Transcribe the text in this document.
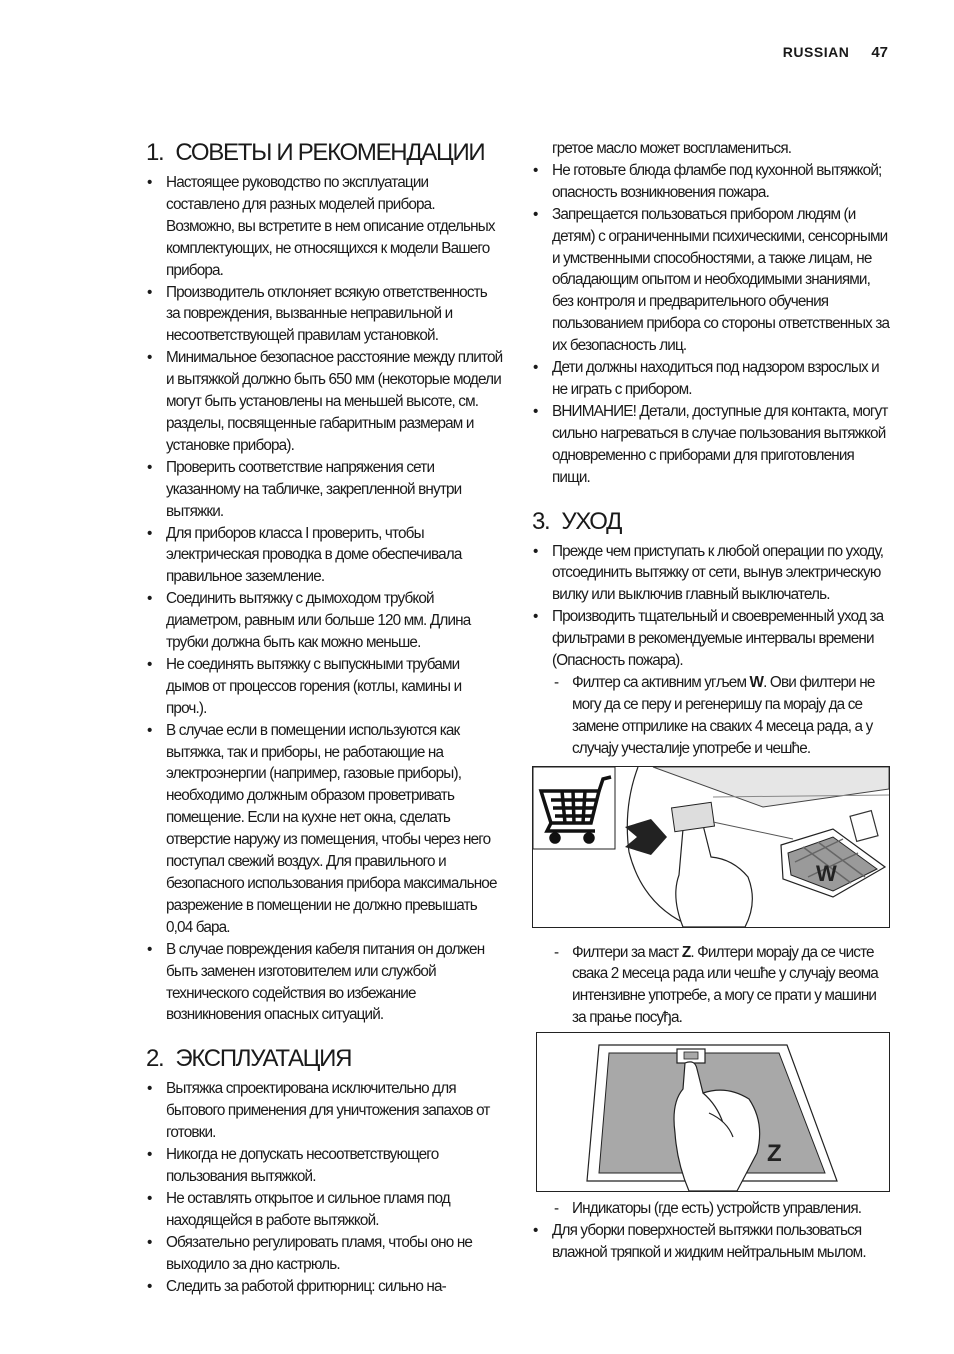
RUSSIAN 47
1. СОВЕТЫ И РЕКОМЕНДАЦИИ
• Настоящее руководство по эксплуатации составлено для разных моделей прибора. Возможно, вы встретите в нем описание отдельных комплектующих, не относящихся к модели Вашего прибора.
• Производитель отклоняет всякую ответственность за повреждения, вызванные неправильной и несоответствующей правилам установкой.
• Минимальное безопасное расстояние между плитой и вытяжкой должно быть 650 мм (некоторые модели могут быть установлены на меньшей высоте, см. разделы, посвященные габаритным размерам и установке прибора).
• Проверить соответствие напряжения сети указанному на табличке, закрепленной внутри вытяжки.
• Для приборов класса I проверить, чтобы электрическая проводка в доме обеспечивала правильное заземление.
• Соединить вытяжку с дымоходом трубкой диаметром, равным или больше 120 мм. Длина трубки должна быть как можно меньше.
• Не соединять вытяжку с выпускными трубами дымов от процессов горения (котлы, камины и проч.).
• В случае если в помещении используются как вытяжка, так и приборы, не работающие на электроэнергии (например, газовые приборы), необходимо должным образом проветривать помещение. Если на кухне нет окна, сделать отверстие наружу из помещения, чтобы через него поступал свежий воздух. Для правильного и безопасного использования прибора максимальное разрежение в помещении не должно превышать 0,04 бара.
• В случае повреждения кабеля питания он должен быть заменен изготовителем или службой технического содействия во избежание возникновения опасных ситуаций.
2. ЭКСПЛУАТАЦИЯ
• Вытяжка спроектирована исключительно для бытового применения для уничтожения запахов от готовки.
• Никогда не допускать несоответствующего пользования вытяжкой.
• Не оставлять открытое и сильное пламя под находящейся в работе вытяжкой.
• Обязательно регулировать пламя, чтобы оно не выходило за дно кастрюль.
• Следить за работой фритюрниц: сильно на-
гретое масло может воспламениться.
• Не готовьте блюда фламбе под кухонной вытяжкой; опасность возникновения пожара.
• Запрещается пользоваться прибором людям (и детям) с ограниченными психическими, сенсорными и умственными способностями, а также лицам, не обладающим опытом и необходимыми знаниями, без контроля и предварительного обучения пользованием прибора со стороны ответственных за их безопасность лиц.
• Дети должны находиться под надзором взрослых и не играть с прибором.
• ВНИМАНИЕ! Детали, доступные для контакта, могут сильно нагреваться в случае пользования вытяжкой одновременно с приборами для приготовления пищи.
3. УХОД
• Прежде чем приступать к любой операции по уходу, отсоединить вытяжку от сети, вынув электрическую вилку или выключив главный выключатель.
• Производить тщательный и своевременный уход за фильтрами в рекомендуемые интервалы времени (Опасность пожара).
- Филтер са активним угљем W. Ови филтери не могу да се перу и регенеришу па морају да се замене отприлике на сваких 4 месеца рада, а у случају учесталије употребе и чешће.
W
- Филтери за маст Z. Филтери морају да се чисте свака 2 месеца рада или чешће у случају веома интензивне употребе, а могу се прати у машини за прање посуђа.
Z
- Индикаторы (где есть) устройств управления.
• Для уборки поверхностей вытяжки пользоваться влажной тряпкой и жидким нейтральным мылом.
